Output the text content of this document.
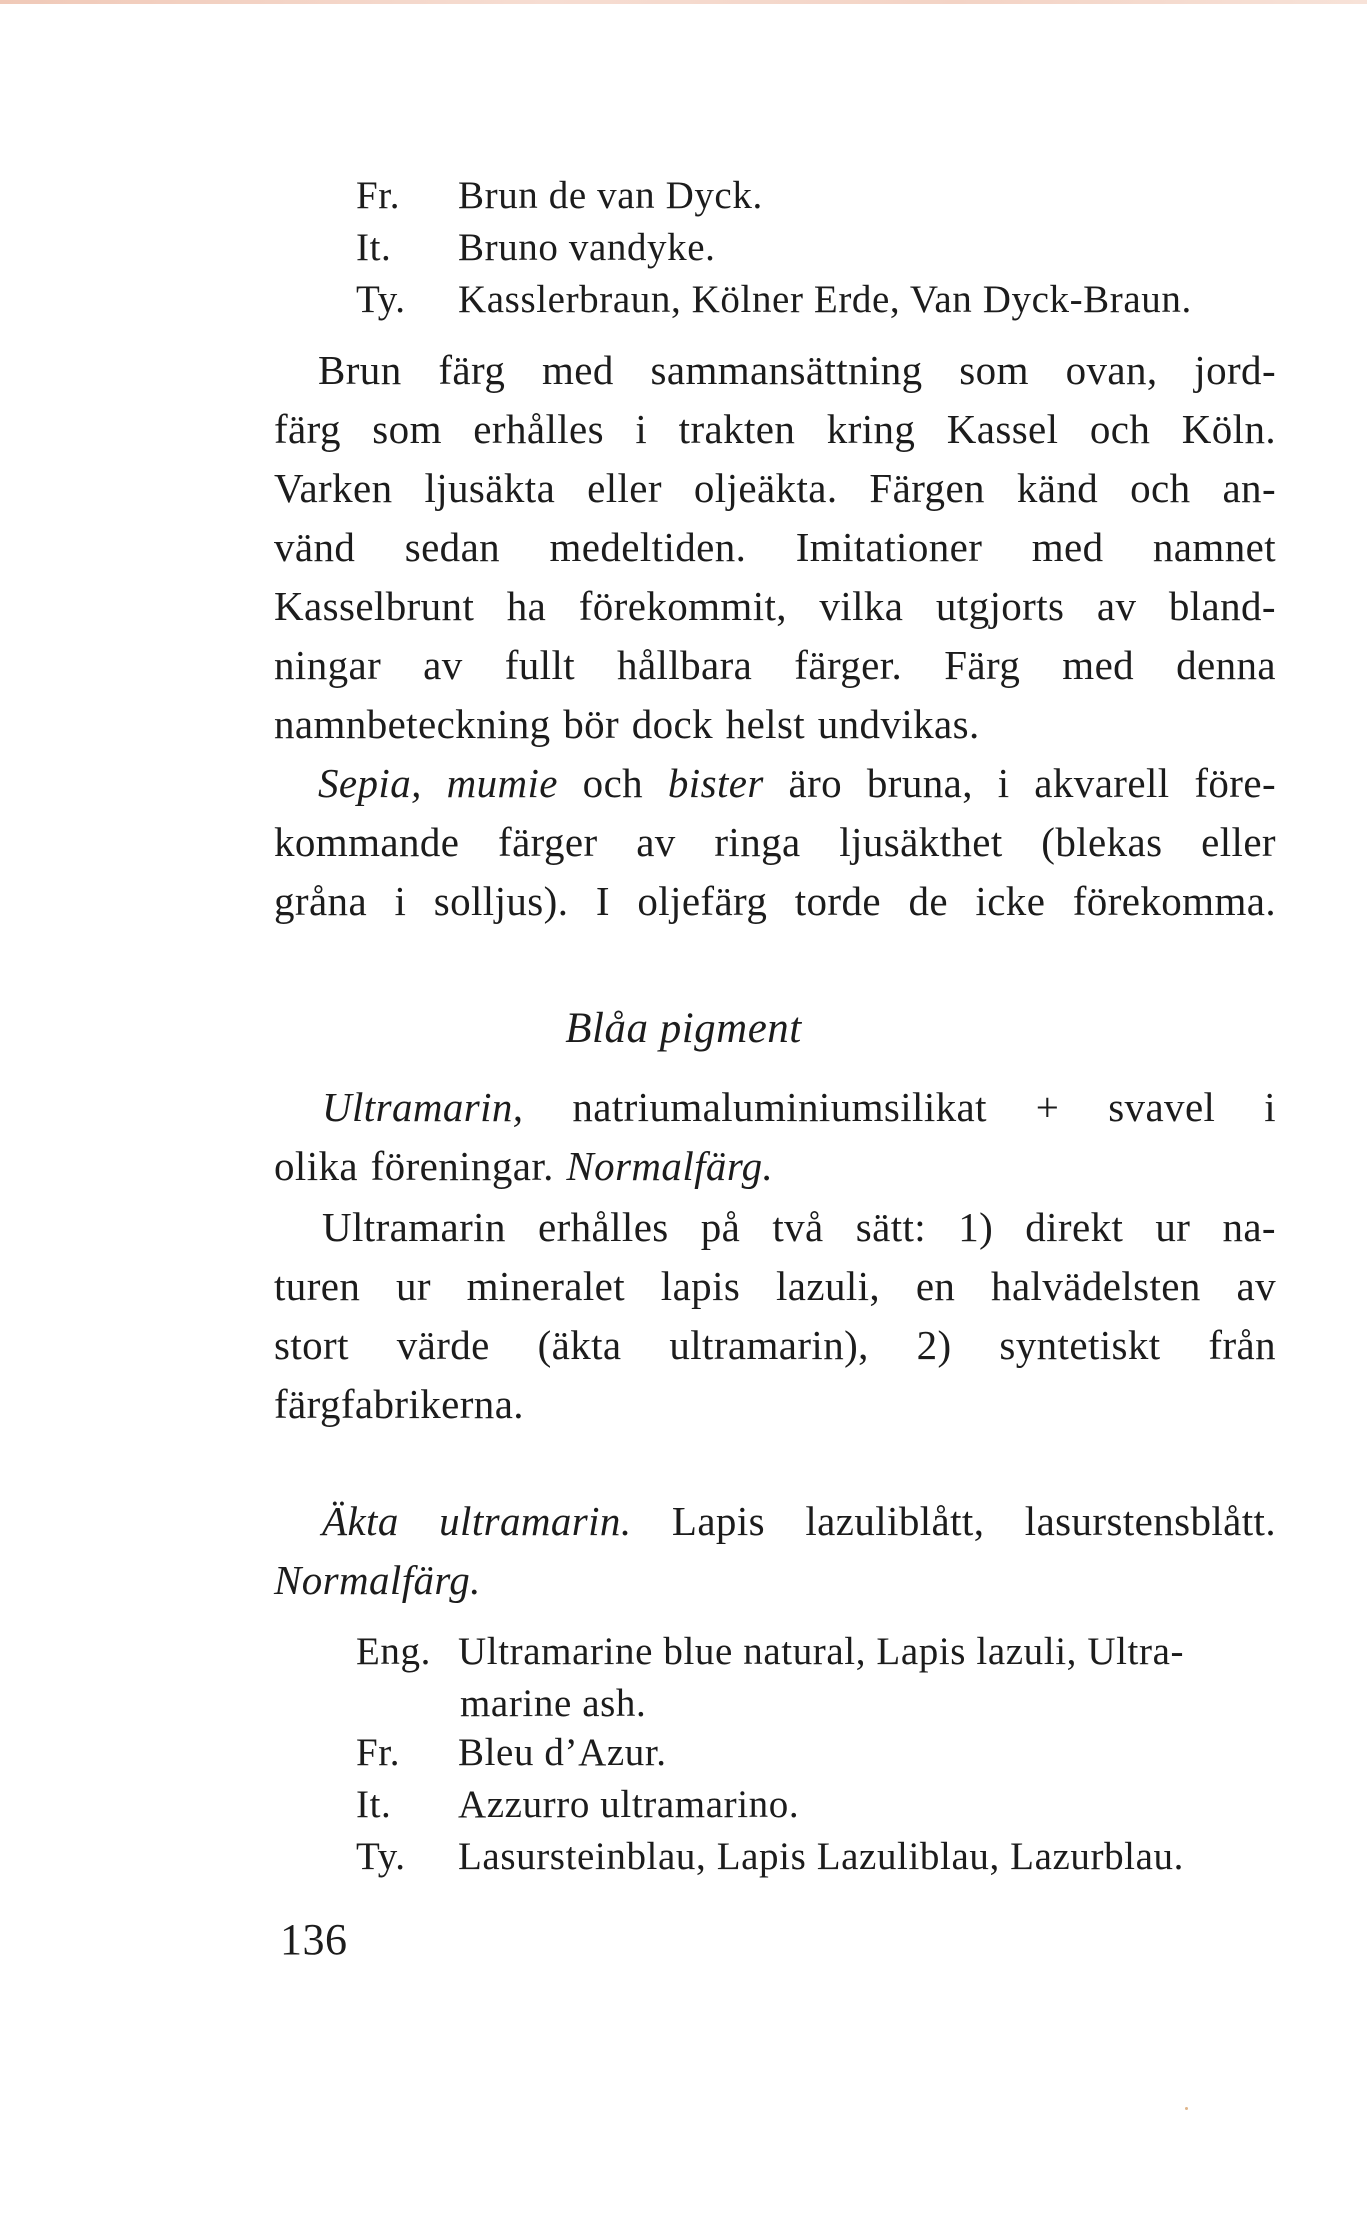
Fr. Brun de van Dyck.
It. Bruno vandyke.
Ty. Kasslerbraun, Kölner Erde, Van Dyck-Braun.
Brun färg med sammansättning som ovan, jord-
färg som erhålles i trakten kring Kassel och Köln.
Varken ljusäkta eller oljeäkta. Färgen känd och an-
vänd sedan medeltiden. Imitationer med namnet
Kasselbrunt ha förekommit, vilka utgjorts av bland-
ningar av fullt hållbara färger. Färg med denna
namnbeteckning bör dock helst undvikas.
Sepia, mumie och bister äro bruna, i akvarell före-
kommande färger av ringa ljusäkthet (blekas eller
gråna i solljus). I oljefärg torde de icke förekomma.
Blåa pigment
Ultramarin, natriumaluminiumsilikat + svavel i
olika föreningar. Normalfärg.
Ultramarin erhålles på två sätt: 1) direkt ur na-
turen ur mineralet lapis lazuli, en halvädelsten av
stort värde (äkta ultramarin), 2) syntetiskt från
färgfabrikerna.
Äkta ultramarin. Lapis lazuliblått, lasurstensblått.
Normalfärg.
Eng. Ultramarine blue natural, Lapis lazuli, Ultra-
marine ash.
Fr. Bleu d’Azur.
It. Azzurro ultramarino.
Ty. Lasursteinblau, Lapis Lazuliblau, Lazurblau.
136
